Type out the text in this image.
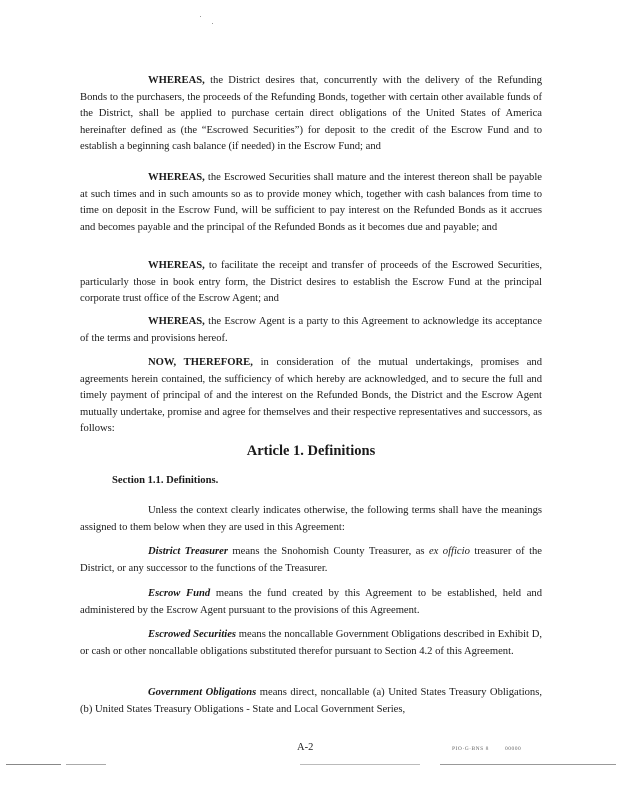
WHEREAS, the District desires that, concurrently with the delivery of the Refunding Bonds to the purchasers, the proceeds of the Refunding Bonds, together with certain other available funds of the District, shall be applied to purchase certain direct obligations of the United States of America hereinafter defined as (the “Escrowed Securities”) for deposit to the credit of the Escrow Fund and to establish a beginning cash balance (if needed) in the Escrow Fund; and

WHEREAS, the Escrowed Securities shall mature and the interest thereon shall be payable at such times and in such amounts so as to provide money which, together with cash balances from time to time on deposit in the Escrow Fund, will be sufficient to pay interest on the Refunded Bonds as it accrues and becomes payable and the principal of the Refunded Bonds as it becomes due and payable; and

WHEREAS, to facilitate the receipt and transfer of proceeds of the Escrowed Securities, particularly those in book entry form, the District desires to establish the Escrow Fund at the principal corporate trust office of the Escrow Agent; and

WHEREAS, the Escrow Agent is a party to this Agreement to acknowledge its acceptance of the terms and provisions hereof.

NOW, THEREFORE, in consideration of the mutual undertakings, promises and agreements herein contained, the sufficiency of which hereby are acknowledged, and to secure the full and timely payment of principal of and the interest on the Refunded Bonds, the District and the Escrow Agent mutually undertake, promise and agree for themselves and their respective representatives and successors, as follows:

Article 1. Definitions

Section 1.1. Definitions.

Unless the context clearly indicates otherwise, the following terms shall have the meanings assigned to them below when they are used in this Agreement:

District Treasurer means the Snohomish County Treasurer, as ex officio treasurer of the District, or any successor to the functions of the Treasurer.

Escrow Fund means the fund created by this Agreement to be established, held and administered by the Escrow Agent pursuant to the provisions of this Agreement.

Escrowed Securities means the noncallable Government Obligations described in Exhibit D, or cash or other noncallable obligations substituted therefor pursuant to Section 4.2 of this Agreement.

Government Obligations means direct, noncallable (a) United States Treasury Obligations, (b) United States Treasury Obligations - State and Local Government Series,

A-2	PIO·G·BNS 8	00000
